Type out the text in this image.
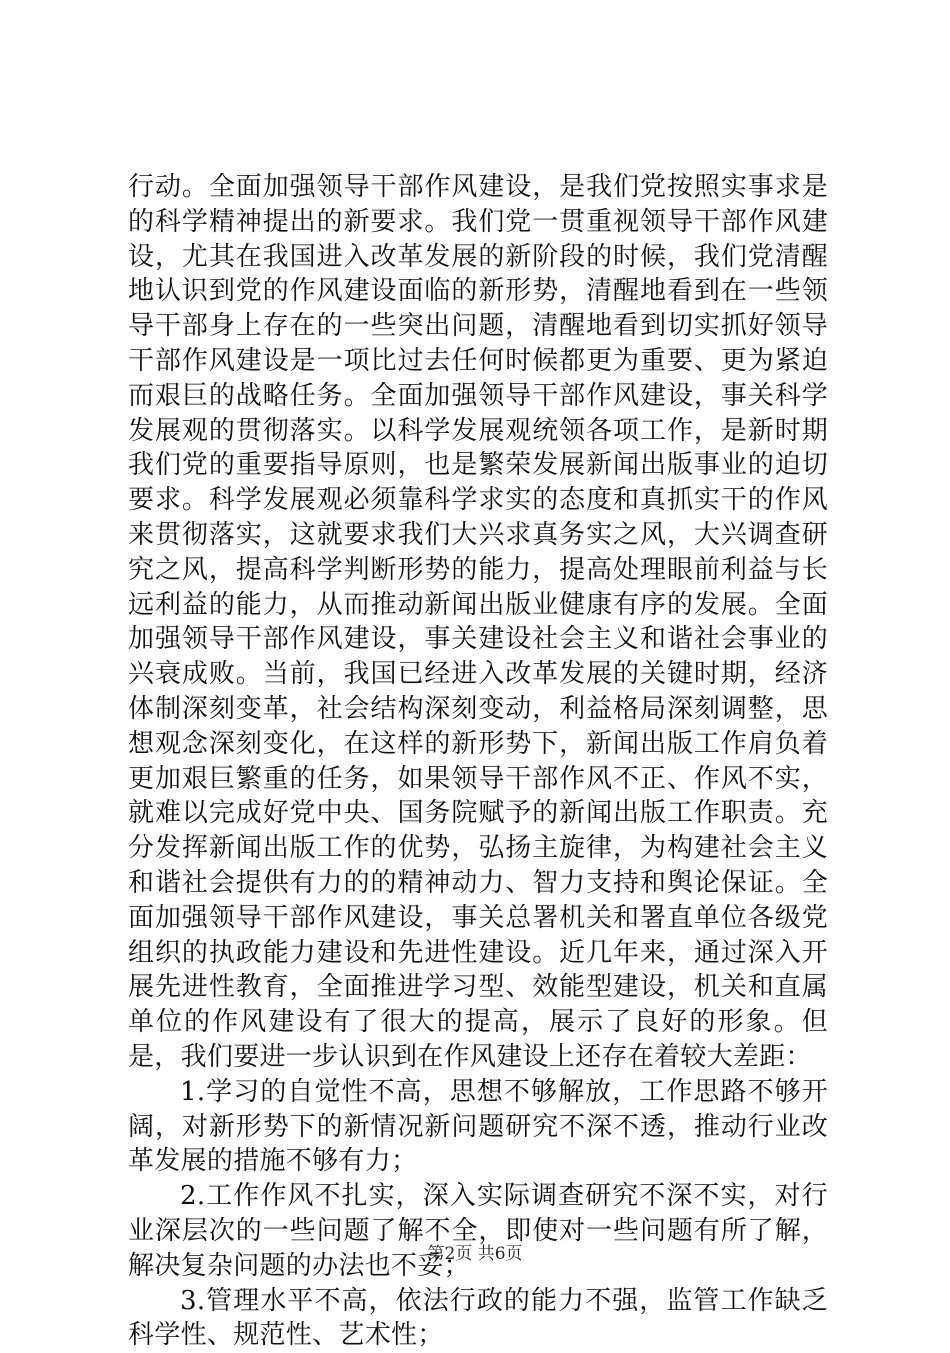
行动。全面加强领导干部作风建设，是我们党按照实事求是的科学精神提出的新要求。我们党一贯重视领导干部作风建设，尤其在我国进入改革发展的新阶段的时候，我们党清醒地认识到党的作风建设面临的新形势，清醒地看到在一些领导干部身上存在的一些突出问题，清醒地看到切实抓好领导干部作风建设是一项比过去任何时候都更为重要、更为紧迫而艰巨的战略任务。全面加强领导干部作风建设，事关科学发展观的贯彻落实。以科学发展观统领各项工作，是新时期我们党的重要指导原则，也是繁荣发展新闻出版事业的迫切要求。科学发展观必须靠科学求实的态度和真抓实干的作风来贯彻落实，这就要求我们大兴求真务实之风，大兴调查研究之风，提高科学判断形势的能力，提高处理眼前利益与长远利益的能力，从而推动新闻出版业健康有序的发展。全面加强领导干部作风建设，事关建设社会主义和谐社会事业的兴衰成败。当前，我国已经进入改革发展的关键时期，经济体制深刻变革，社会结构深刻变动，利益格局深刻调整，思想观念深刻变化，在这样的新形势下，新闻出版工作肩负着更加艰巨繁重的任务，如果领导干部作风不正、作风不实，就难以完成好党中央、国务院赋予的新闻出版工作职责。充分发挥新闻出版工作的优势，弘扬主旋律，为构建社会主义和谐社会提供有力的的精神动力、智力支持和舆论保证。全面加强领导干部作风建设，事关总署机关和署直单位各级党组织的执政能力建设和先进性建设。近几年来，通过深入开展先进性教育，全面推进学习型、效能型建设，机关和直属单位的作风建设有了很大的提高，展示了良好的形象。但是，我们要进一步认识到在作风建设上还存在着较大差距：

1.学习的自觉性不高，思想不够解放，工作思路不够开阔，对新形势下的新情况新问题研究不深不透，推动行业改革发展的措施不够有力；

2.工作作风不扎实，深入实际调查研究不深不实，对行业深层次的一些问题了解不全，即使对一些问题有所了解，解决复杂问题的办法也不妥；

3.管理水平不高，依法行政的能力不强，监管工作缺乏科学性、规范性、艺术性；

第2页 共6页
